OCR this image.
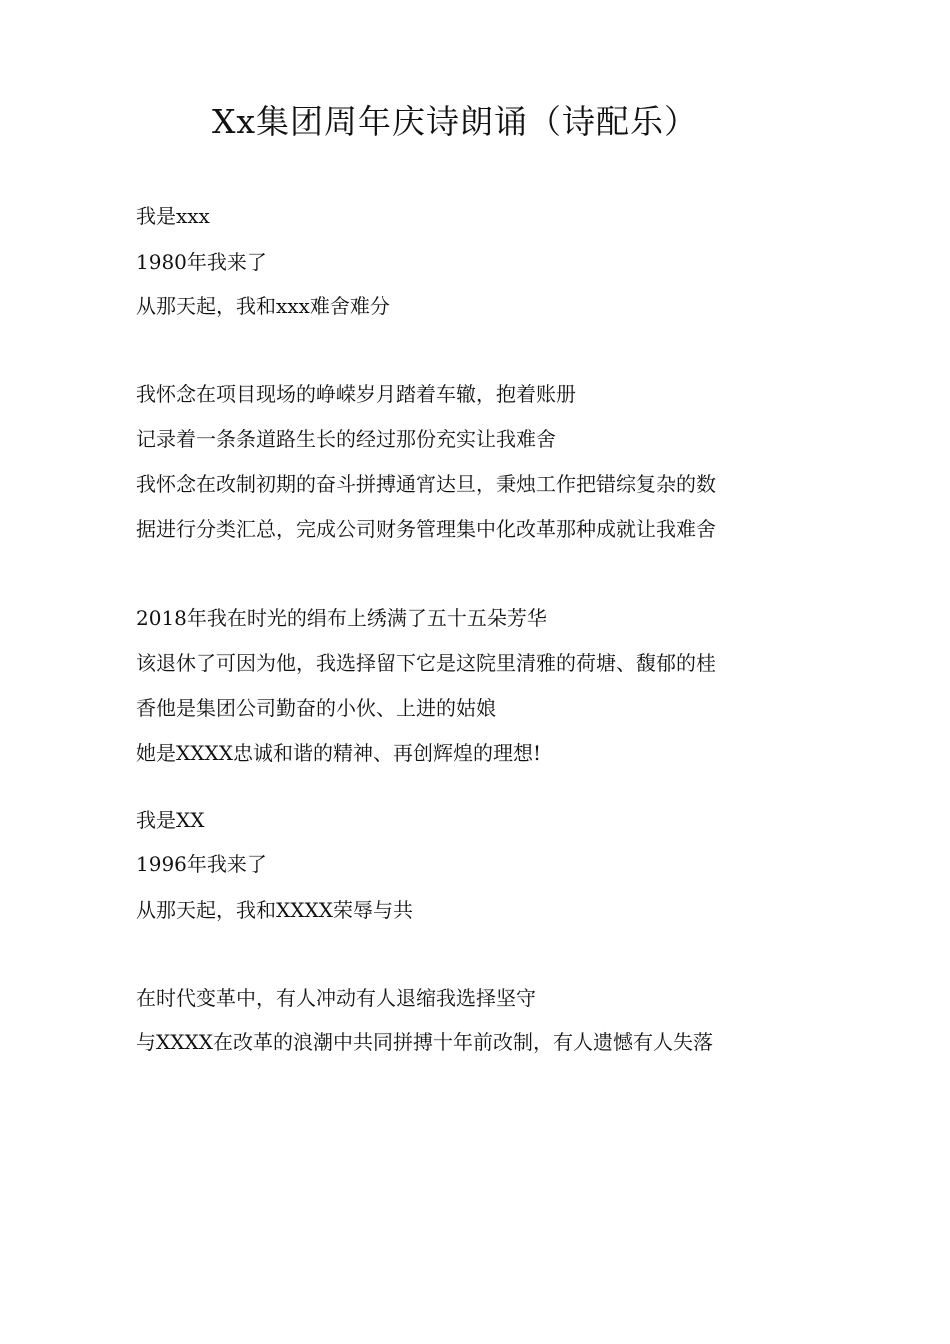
Xx集团周年庆诗朗诵（诗配乐）
我是xxx
1980年我来了
从那天起，我和xxx难舍难分
我怀念在项目现场的峥嵘岁月踏着车辙，抱着账册
记录着一条条道路生长的经过那份充实让我难舍
我怀念在改制初期的奋斗拼搏通宵达旦，秉烛工作把错综复杂的数
据进行分类汇总，完成公司财务管理集中化改革那种成就让我难舍
2018年我在时光的绢布上绣满了五十五朵芳华
该退休了可因为他，我选择留下它是这院里清雅的荷塘、馥郁的桂
香他是集团公司勤奋的小伙、上进的姑娘
她是XXXX忠诚和谐的精神、再创辉煌的理想!
我是XX
1996年我来了
从那天起，我和XXXX荣辱与共
在时代变革中，有人冲动有人退缩我选择坚守
与XXXX在改革的浪潮中共同拼搏十年前改制，有人遗憾有人失落
